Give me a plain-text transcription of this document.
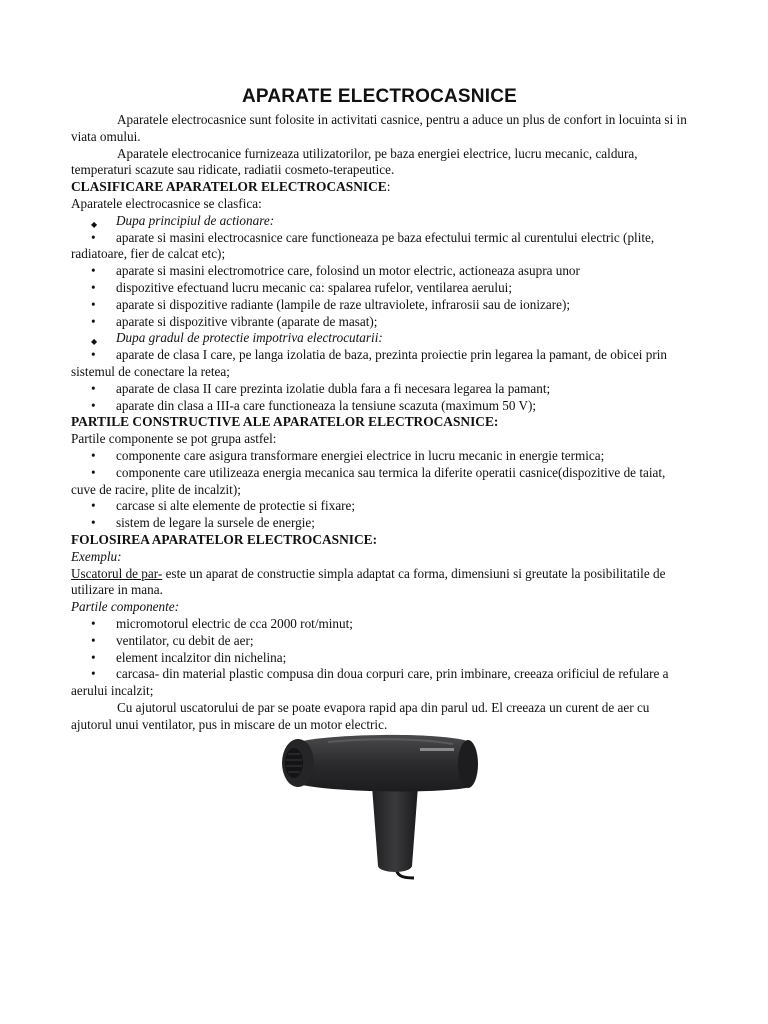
APARATE ELECTROCASNICE

Aparatele electrocasnice sunt folosite in activitati casnice, pentru a aduce un plus de confort in locuinta si in viata omului.

Aparatele electrocanice furnizeaza utilizatorilor, pe baza energiei electrice, lucru mecanic, caldura, temperaturi scazute sau ridicate, radiatii cosmeto-terapeutice.

CLASIFICARE APARATELOR ELECTROCASNICE:

Aparatele electrocasnice se clasfica:

◆ Dupa principiul de actionare:
• aparate si masini electrocasnice care functioneaza pe baza efectului termic al curentului electric (plite, radiatoare, fier de calcat etc);
• aparate si masini electromotrice care, folosind un motor electric, actioneaza asupra unor
• dispozitive efectuand lucru mecanic ca: spalarea rufelor, ventilarea aerului;
• aparate si dispozitive radiante (lampile de raze ultraviolete, infrarosii sau de ionizare);
• aparate si dispozitive vibrante (aparate de masat);
◆ Dupa gradul de protectie impotriva electrocutarii:
• aparate de clasa I care, pe langa izolatia de baza, prezinta proiectie prin legarea la pamant, de obicei prin sistemul de conectare la retea;
• aparate de clasa II care prezinta izolatie dubla fara a fi necesara legarea la pamant;
• aparate din clasa a III-a care functioneaza la tensiune scazuta (maximum 50 V);

PARTILE CONSTRUCTIVE ALE APARATELOR ELECTROCASNICE:

Partile componente se pot grupa astfel:

• componente care asigura transformare energiei electrice in lucru mecanic in energie termica;
• componente care utilizeaza energia mecanica sau termica la diferite operatii casnice(dispozitive de taiat, cuve de racire, plite de incalzit);
• carcase si alte elemente de protectie si fixare;
• sistem de legare la sursele de energie;

FOLOSIREA APARATELOR ELECTROCASNICE:

Exemplu:

Uscatorul de par- este un aparat de constructie simpla adaptat ca forma, dimensiuni si greutate la posibilitatile de utilizare in mana.

Partile componente:

• micromotorul electric de cca 2000 rot/minut;
• ventilator, cu debit de aer;
• element incalzitor din nichelina;
• carcasa- din material plastic compusa din doua corpuri care, prin imbinare, creeaza orificiul de refulare a aerului incalzit;

Cu ajutorul uscatorului de par se poate evapora rapid apa din parul ud. El creeaza un curent de aer cu ajutorul unui ventilator, pus in miscare de un motor electric.
